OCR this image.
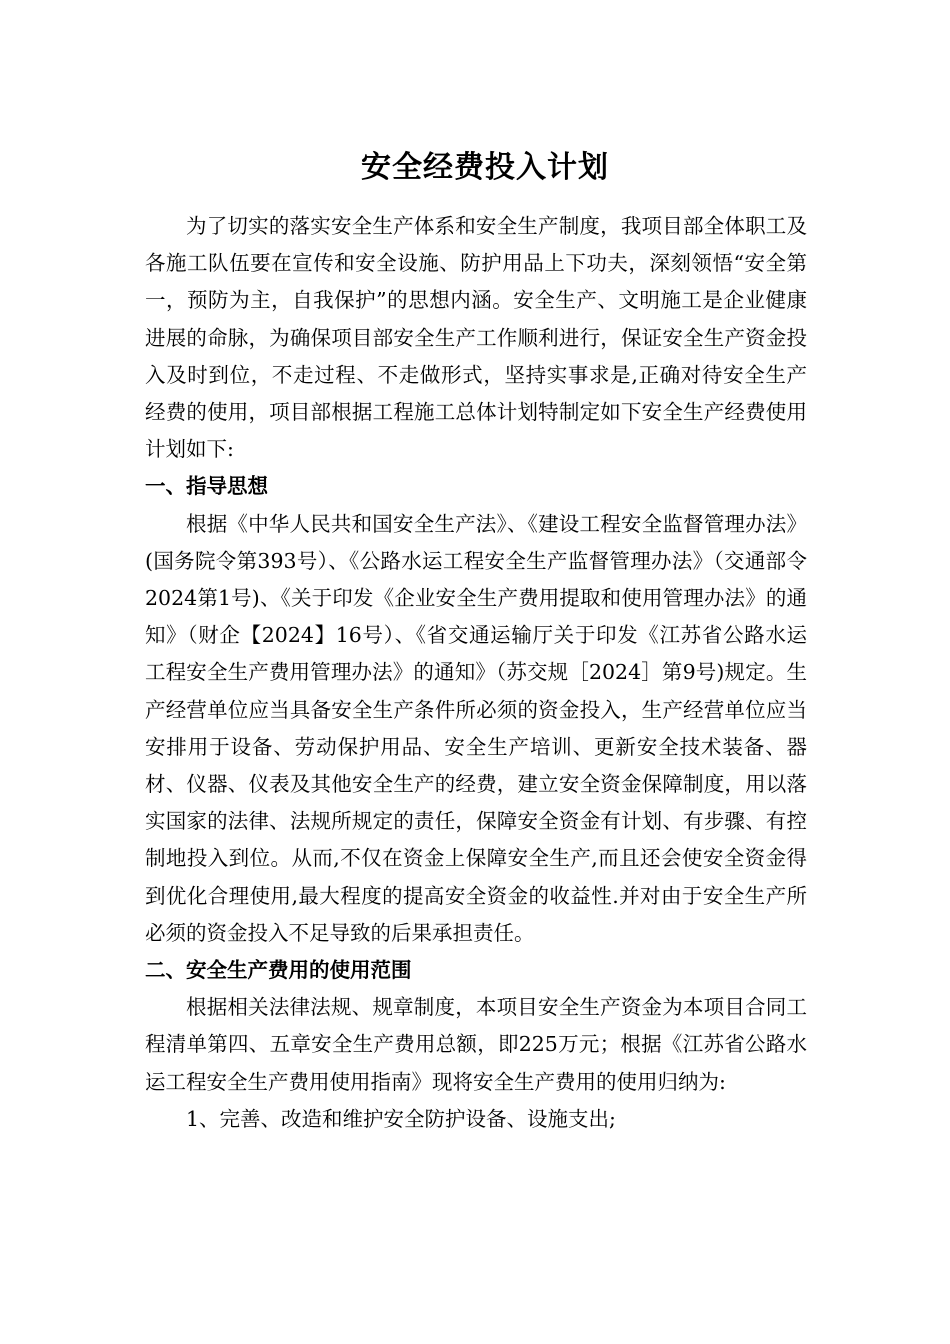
安全经费投入计划

为了切实的落实安全生产体系和安全生产制度，我项目部全体职工及各施工队伍要在宣传和安全设施、防护用品上下功夫，深刻领悟“安全第一，预防为主，自我保护”的思想内涵。安全生产、文明施工是企业健康进展的命脉，为确保项目部安全生产工作顺利进行，保证安全生产资金投入及时到位，不走过程、不走做形式，坚持实事求是,正确对待安全生产经费的使用，项目部根据工程施工总体计划特制定如下安全生产经费使用计划如下:

一、指导思想

根据《中华人民共和国安全生产法》、《建设工程安全监督管理办法》(国务院令第393号）、《公路水运工程安全生产监督管理办法》（交通部令2024第1号)、《关于印发《企业安全生产费用提取和使用管理办法》的通知》（财企【2024】16号）、《省交通运输厅关于印发《江苏省公路水运工程安全生产费用管理办法》的通知》（苏交规［2024］第9号)规定。生产经营单位应当具备安全生产条件所必须的资金投入，生产经营单位应当安排用于设备、劳动保护用品、安全生产培训、更新安全技术装备、器材、仪器、仪表及其他安全生产的经费，建立安全资金保障制度，用以落实国家的法律、法规所规定的责任，保障安全资金有计划、有步骤、有控制地投入到位。从而,不仅在资金上保障安全生产,而且还会使安全资金得到优化合理使用,最大程度的提高安全资金的收益性.并对由于安全生产所必须的资金投入不足导致的后果承担责任。

二、安全生产费用的使用范围

根据相关法律法规、规章制度，本项目安全生产资金为本项目合同工程清单第四、五章安全生产费用总额，即225万元；根据《江苏省公路水运工程安全生产费用使用指南》现将安全生产费用的使用归纳为:

1、完善、改造和维护安全防护设备、设施支出;
